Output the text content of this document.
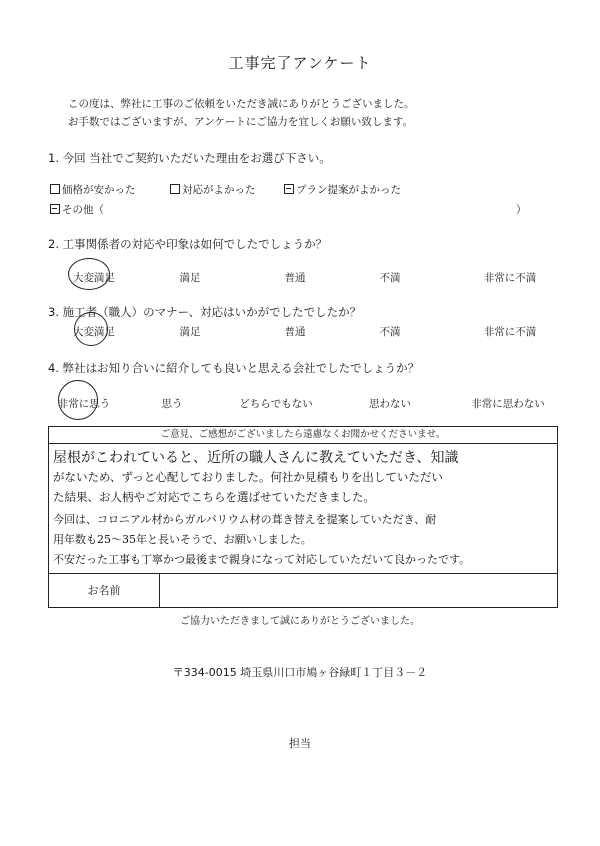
工事完了アンケート
この度は、弊社に工事のご依頼をいただき誠にありがとうございました。
お手数ではございますが、アンケートにご協力を宜しくお願い致します。
1. 今回 当社でご契約いただいた理由をお選び下さい。
価格が安かった	対応がよかった	プラン提案がよかった
その他（	）
2. 工事関係者の対応や印象は如何でしたでしょうか？
大変満足	満足	普通	不満	非常に不満
3. 施工者（職人）のマナー、対応はいかがでしたでしたか？
大変満足	満足	普通	不満	非常に不満
4. 弊社はお知り合いに紹介しても良いと思える会社でしたでしょうか？
非常に思う	思う	どちらでもない	思わない	非常に思わない
ご意見、ご感想がございましたら遠慮なくお聞かせくださいませ。
屋根がこわれていると、近所の職人さんに教えていただき、知識
がないため、ずっと心配しておりました。何社か見積もりを出していただい
た結果、お人柄やご対応でこちらを選ばせていただきました。
今回は、コロニアル材からガルバリウム材の葺き替えを提案していただき、耐
用年数も25～35年と長いそうで、お願いしました。
不安だった工事も丁寧かつ最後まで親身になって対応していただいて良かったです。
お名前
ご協力いただきまして誠にありがとうございました。
〒334-0015 埼玉県川口市鳩ヶ谷緑町１丁目３－２
担当
